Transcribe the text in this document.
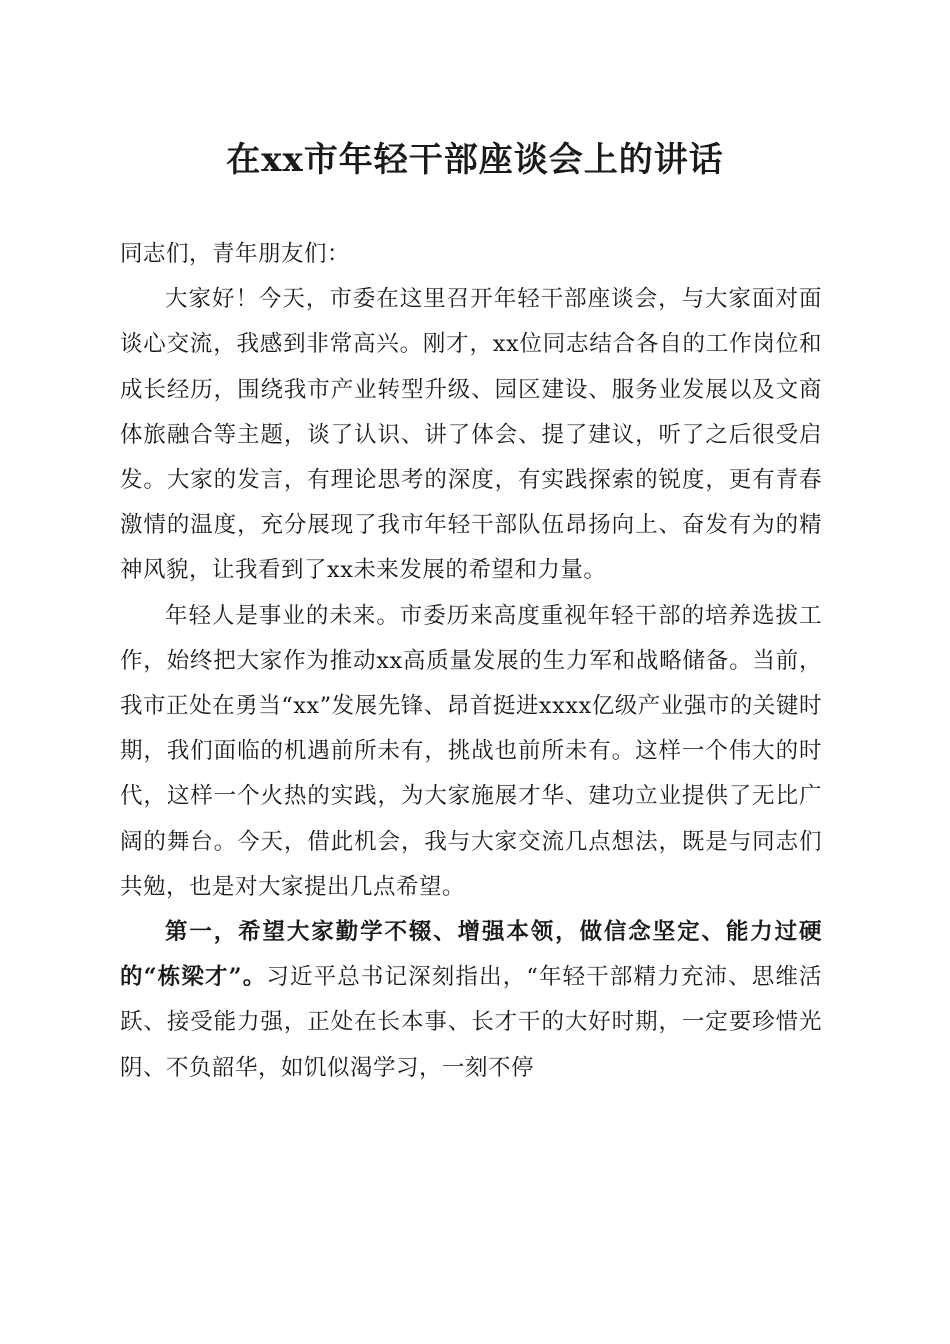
在xx市年轻干部座谈会上的讲话

同志们，青年朋友们：

大家好！今天，市委在这里召开年轻干部座谈会，与大家面对面谈心交流，我感到非常高兴。刚才，xx位同志结合各自的工作岗位和成长经历，围绕我市产业转型升级、园区建设、服务业发展以及文商体旅融合等主题，谈了认识、讲了体会、提了建议，听了之后很受启发。大家的发言，有理论思考的深度，有实践探索的锐度，更有青春激情的温度，充分展现了我市年轻干部队伍昂扬向上、奋发有为的精神风貌，让我看到了xx未来发展的希望和力量。

年轻人是事业的未来。市委历来高度重视年轻干部的培养选拔工作，始终把大家作为推动xx高质量发展的生力军和战略储备。当前，我市正处在勇当“xx”发展先锋、昂首挺进xxxx亿级产业强市的关键时期，我们面临的机遇前所未有，挑战也前所未有。这样一个伟大的时代，这样一个火热的实践，为大家施展才华、建功立业提供了无比广阔的舞台。今天，借此机会，我与大家交流几点想法，既是与同志们共勉，也是对大家提出几点希望。

第一，希望大家勤学不辍、增强本领，做信念坚定、能力过硬的“栋梁才”。习近平总书记深刻指出，“年轻干部精力充沛、思维活跃、接受能力强，正处在长本事、长才干的大好时期，一定要珍惜光阴、不负韶华，如饥似渴学习，一刻不停
